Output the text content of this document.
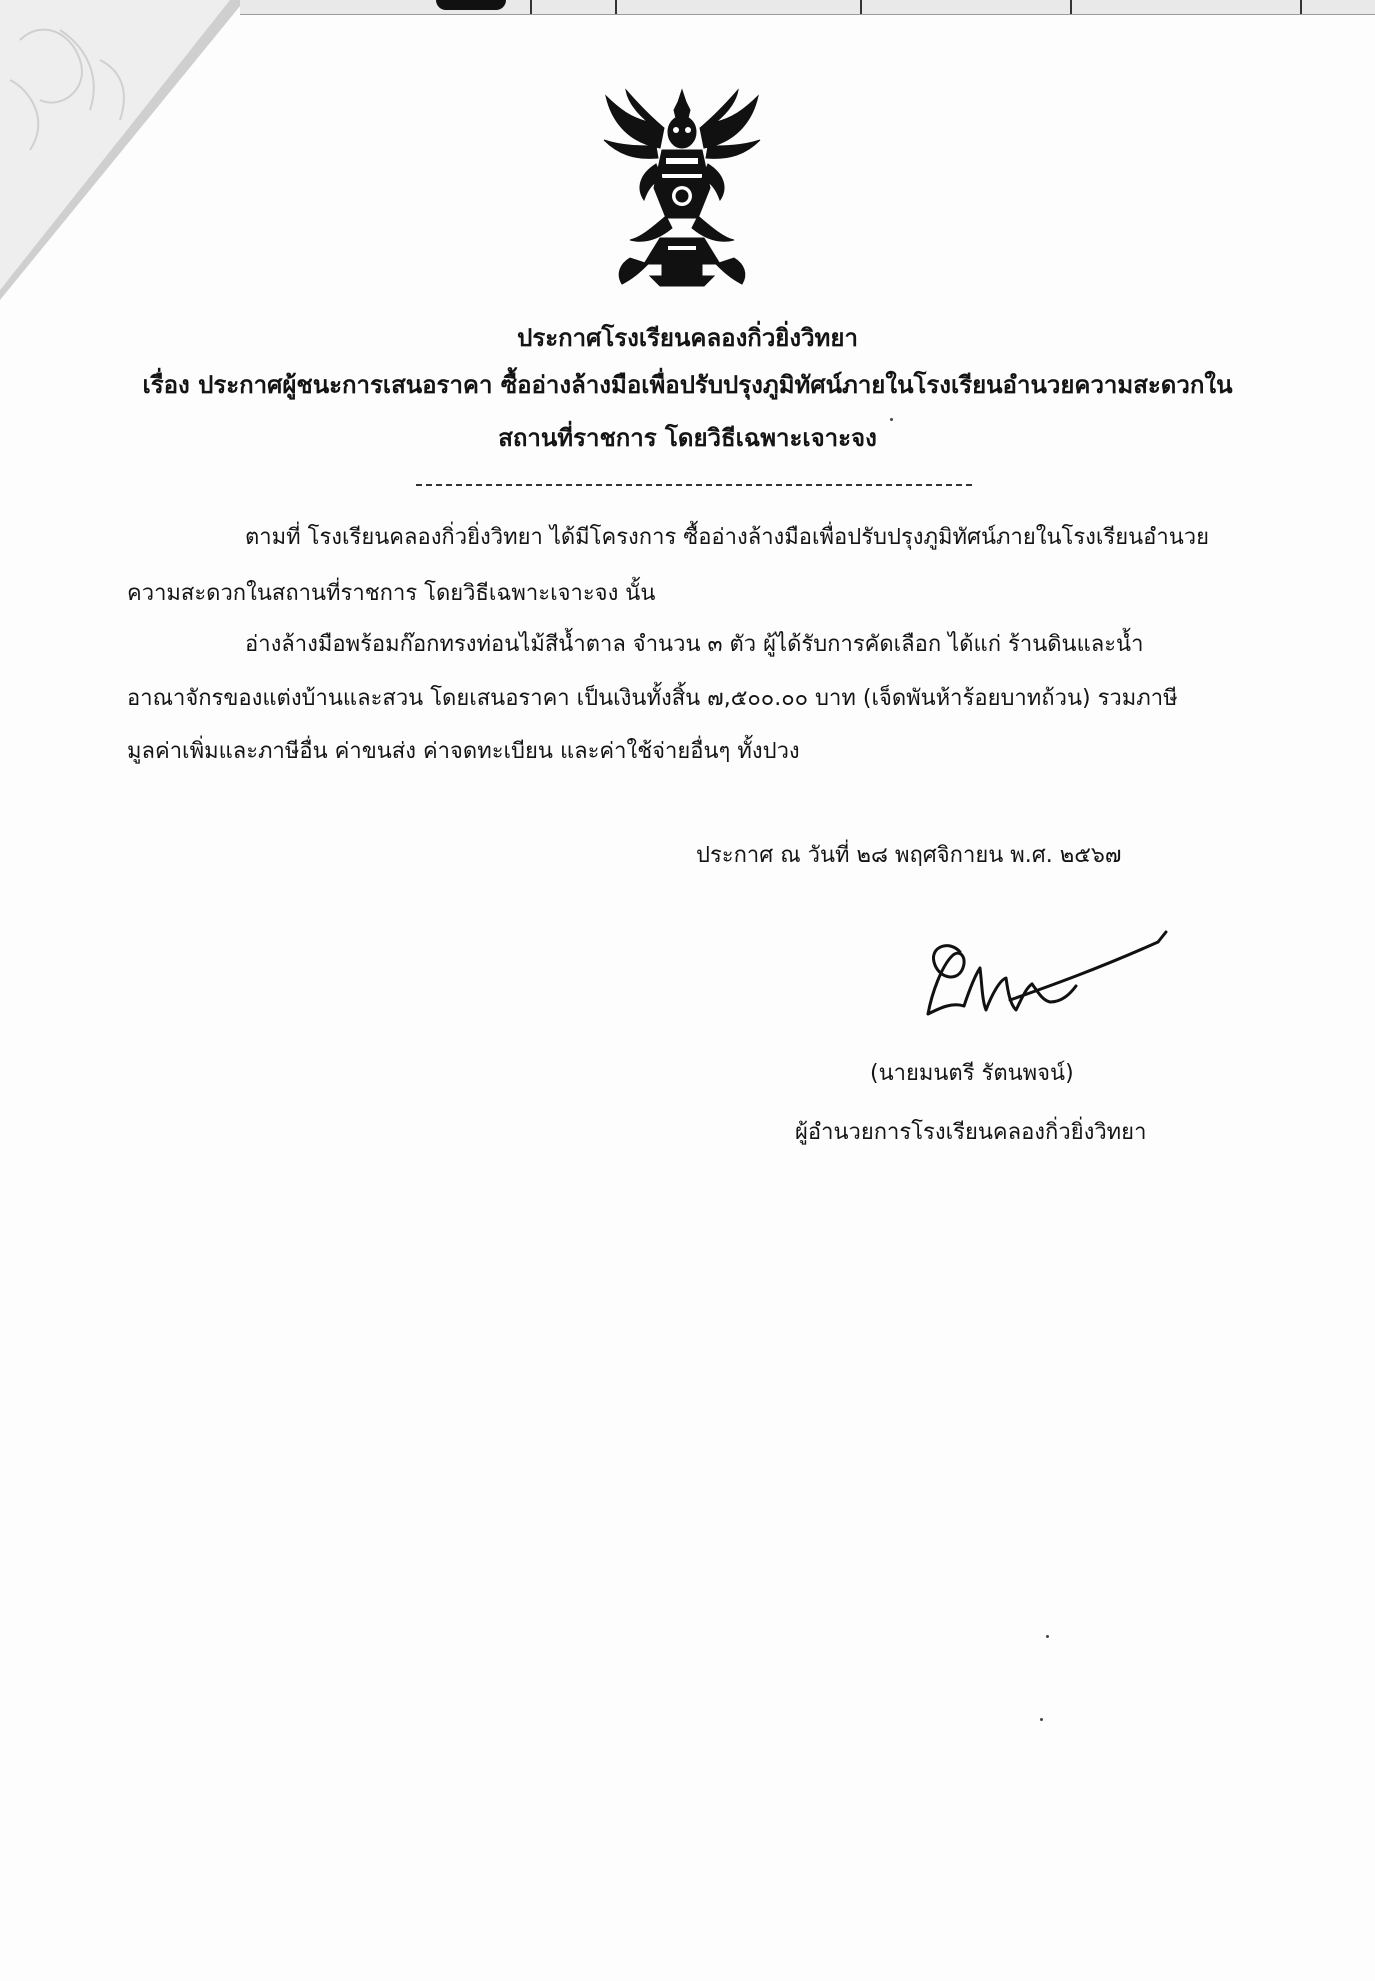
ประกาศโรงเรียนคลองกิ่วยิ่งวิทยา
เรื่อง ประกาศผู้ชนะการเสนอราคา ซื้ออ่างล้างมือเพื่อปรับปรุงภูมิทัศน์ภายในโรงเรียนอำนวยความสะดวกใน
สถานที่ราชการ โดยวิธีเฉพาะเจาะจง
ตามที่ โรงเรียนคลองกิ่วยิ่งวิทยา ได้มีโครงการ ซื้ออ่างล้างมือเพื่อปรับปรุงภูมิทัศน์ภายในโรงเรียนอำนวย
ความสะดวกในสถานที่ราชการ โดยวิธีเฉพาะเจาะจง นั้น
อ่างล้างมือพร้อมก๊อกทรงท่อนไม้สีน้ำตาล จำนวน ๓ ตัว ผู้ได้รับการคัดเลือก ได้แก่ ร้านดินและน้ำ
อาณาจักรของแต่งบ้านและสวน โดยเสนอราคา เป็นเงินทั้งสิ้น ๗,๕๐๐.๐๐ บาท (เจ็ดพันห้าร้อยบาทถ้วน) รวมภาษี
มูลค่าเพิ่มและภาษีอื่น ค่าขนส่ง ค่าจดทะเบียน และค่าใช้จ่ายอื่นๆ ทั้งปวง
ประกาศ ณ วันที่ ๒๘ พฤศจิกายน พ.ศ. ๒๕๖๗
(นายมนตรี รัตนพจน์)
ผู้อำนวยการโรงเรียนคลองกิ่วยิ่งวิทยา
